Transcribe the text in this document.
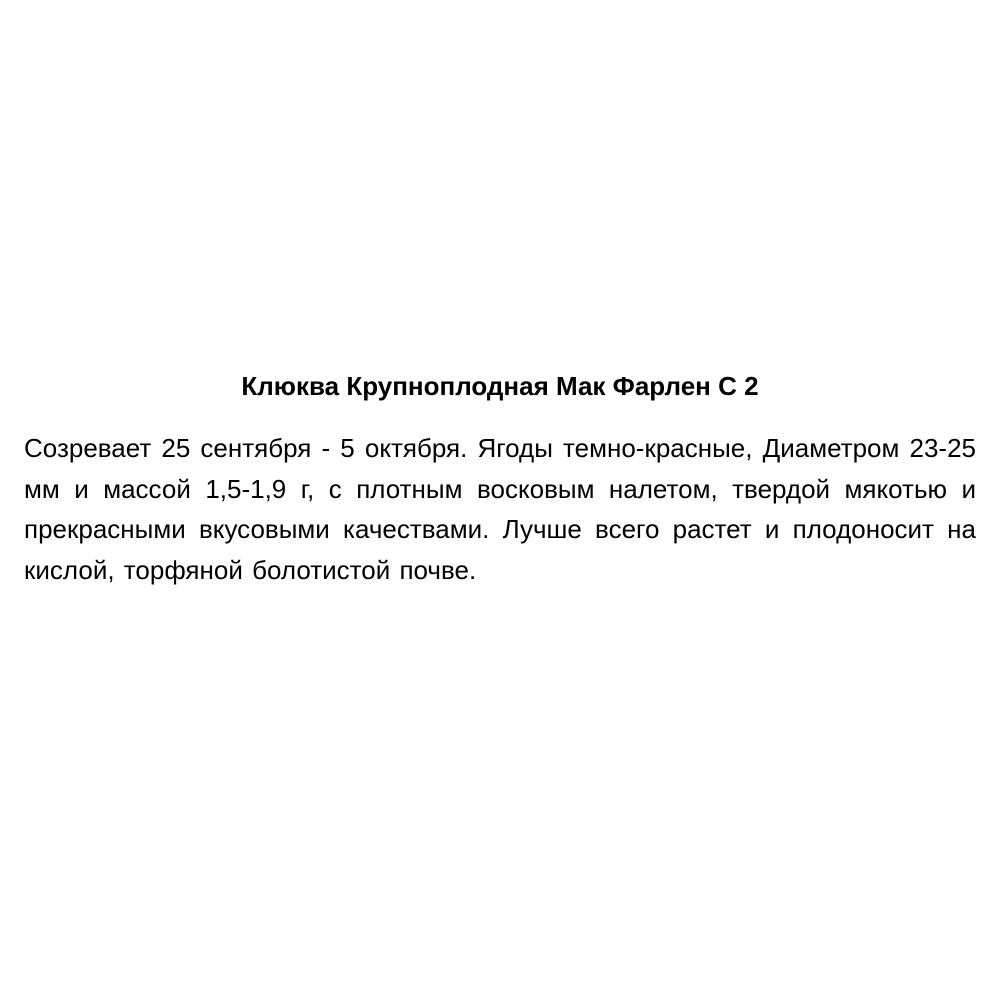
Клюква Крупноплодная Мак Фарлен С 2

Созревает 25 сентября - 5 октября. Ягоды темно-красные, Диаметром 23-25 мм и массой 1,5-1,9 г, с плотным восковым налетом, твердой мякотью и прекрасными вкусовыми качествами. Лучше всего растет и плодоносит на кислой, торфяной болотистой почве.
